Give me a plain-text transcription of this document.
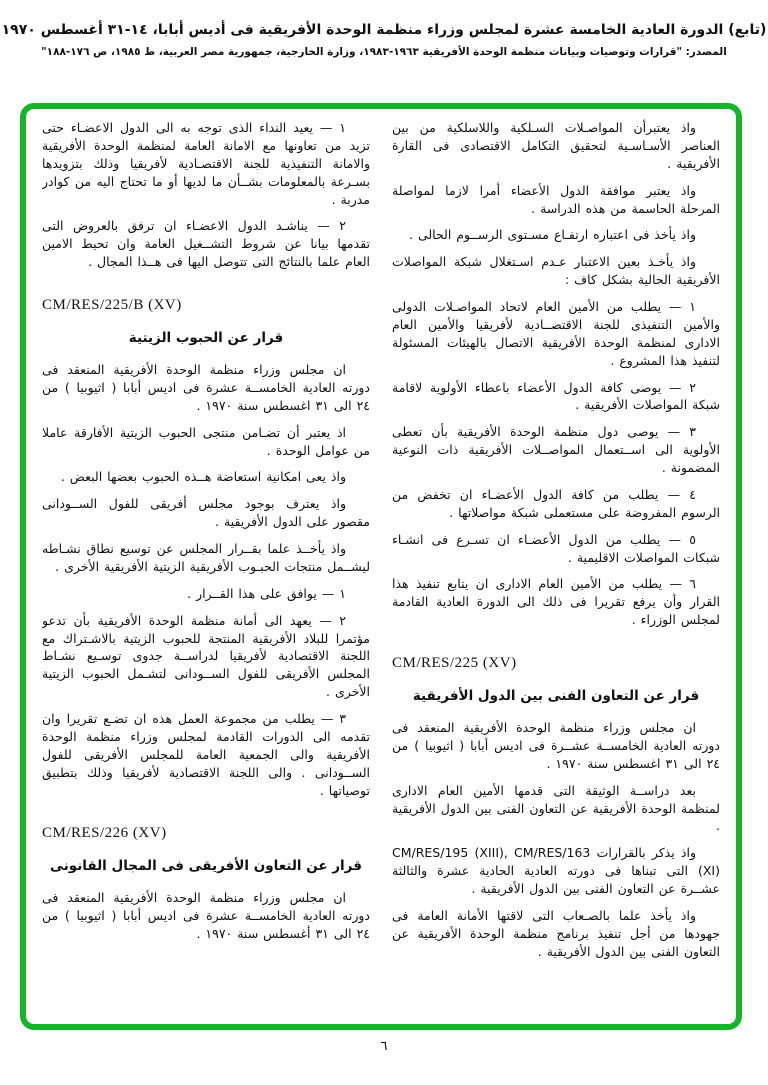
(تابع) الدورة العادية الخامسة عشرة لمجلس وزراء منظمة الوحدة الأفريقية فى أديس أبابا، ١٤-٣١ أغسطس ١٩٧٠
المصدر: "قرارات وتوصيات وبيانات منظمة الوحدة الأفريقية ١٩٦٣-١٩٨٣، وزارة الخارجية، جمهورية مصر العربية، ط ١٩٨٥، ص ١٧٦-١٨٨"
واذ يعتبرأن المواصـلات السـلكية واللاسلكية من بين العناصر الأسـاسـية لتحقيق التكامل الاقتصادى فى القارة الأفريقية .
واذ يعتبر موافقة الدول الأعضاء أمرا لازما لمواصلة المرحلة الحاسمة من هذه الدراسة .
واذ يأخذ فى اعتباره ارتفـاع مسـتوى الرســوم الحالى .
واذ يأخـذ بعين الاعتبار عـدم اسـتغلال شبكة المواصلات الأفريقية الحالية بشكل كاف :
١ — يطلب من الأمين العام لاتحاد المواصـلات الدولى والأمين التنفيذى للجنة الاقتصــادية لأفريقيا والأمين العام الادارى لمنظمة الوحدة الأفريقية الاتصال بالهيئات المسئولة لتنفيذ هذا المشروع .
٢ — يوصى كافة الدول الأعضاء باعطاء الأولوية لاقامة شبكة المواصلات الأفريقية .
٣ — يوصى دول منظمة الوحدة الأفريقية بأن تعطى الأولوية الى اســتعمال المواصــلات الأفريقية ذات النوعية المضمونة .
٤ — يطلب من كافة الدول الأعضـاء ان تخفض من الرسوم المفروضة على مستعملى شبكة مواصلاتها .
٥ — يطلب من الدول الأعضـاء ان تسـرع فى انشـاء شبكات المواصلات الاقليمية .
٦ — يطلب من الأمين العام الادارى ان يتابع تنفيذ هذا القرار وأن يرفع تقريرا فى ذلك الى الدورة العادية القادمة لمجلس الوزراء .
CM/RES/225 (XV)
قرار عن التعاون الفنى بين الدول الأفريقية
ان مجلس وزراء منظمة الوحدة الأفريقية المنعقد فى دورته العادية الخامســة عشــرة فى اديس أبابا ( اثيوبيا ) من ٢٤ الى ٣١ اغسطس سنة ١٩٧٠ .
بعد دراســة الوثيقة التى قدمها الأمين العام الادارى لمنظمة الوحدة الأفريقية عن التعاون الفنى بين الدول الأفريقية .
واذ يذكر بالقرارات ‏CM/RES/195 (XIII), CM/RES/163 (XI)‏ التى تبناها فى دورته العادية الحادية عشرة والثالثة عشــرة عن التعاون الفنى بين الدول الأفريقية .
واذ يأخذ علما بالصـعاب التى لاقتها الأمانة العامة فى جهودها من أجل تنفيذ برنامج منظمة الوحدة الأفريقية عن التعاون الفنى بين الدول الأفريقية .
١ — يعيد النداء الذى توجه به الى الدول الاعضـاء حتى تزيد من تعاونها مع الامانة العامة لمنظمة الوحدة الأفريقية والامانة التنفيذية للجنة الاقتصـادية لأفريقيا وذلك بتزويدها بسـرعة بالمعلومات بشــأن ما لديها أو ما تحتاج اليه من كوادر مدربة .
٢ — يناشـد الدول الاعضـاء ان ترفق بالعروض التى تقدمها بيانا عن شروط التشــغيل العامة وان تحيط الامين العام علما بالنتائج التى تتوصل اليها فى هــذا المجال .
CM/RES/225/B (XV)
قرار عن الحبوب الزيتية
ان مجلس وزراء منظمة الوحدة الأفريقية المنعقد فى دورته العادية الخامســة عشرة فى اديس أبابا ( اثيوبيا ) من ٢٤ الى ٣١ اغسطس سنة ١٩٧٠ .
اذ يعتبر أن تضـامن منتجى الحبوب الزيتية الأفارقة عاملا من عوامل الوحدة .
واذ يعى امكانية استعاضة هــذه الحبوب بعضها البعض .
واذ يعترف بوجود مجلس أفريقى للفول الســودانى مقصور على الدول الأفريقية .
واذ يأخــذ علما بقــرار المجلس عن توسيع نطاق نشـاطه ليشــمل منتجات الحبـوب الأفريقية الزيتية الأفريقية الأخرى .
١ — يوافق على هذا القــرار .
٢ — يعهد الى أمانة منظمة الوحدة الأفريقية بأن تدعو مؤتمرا للبلاد الأفريقية المنتجة للحبوب الزيتية بالاشـتراك مع اللجنة الاقتصادية لأفريقيا لدراســة جدوى توسـيع نشـاط المجلس الأفريقى للفول الســودانى لتشـمل الحبوب الزيتية الأخرى .
٣ — يطلب من مجموعة العمل هذه ان تضـع تقريرا وان تقدمه الى الدورات القادمة لمجلس وزراء منظمة الوحدة الأفريقية والى الجمعية العامة للمجلس الأفريقى للفول الســودانى . والى اللجنة الاقتصادية لأفريقيا وذلك بتطبيق توصياتها .
CM/RES/226 (XV)
قرار عن التعاون الأفريقى فى المجال القانونى
ان مجلس وزراء منظمة الوحدة الأفريقية المنعقد فى دورته العادية الخامســة عشرة فى اديس أبابا ( اثيوبيا ) من ٢٤ الى ٣١ أغسطس سنة ١٩٧٠ .
٦
